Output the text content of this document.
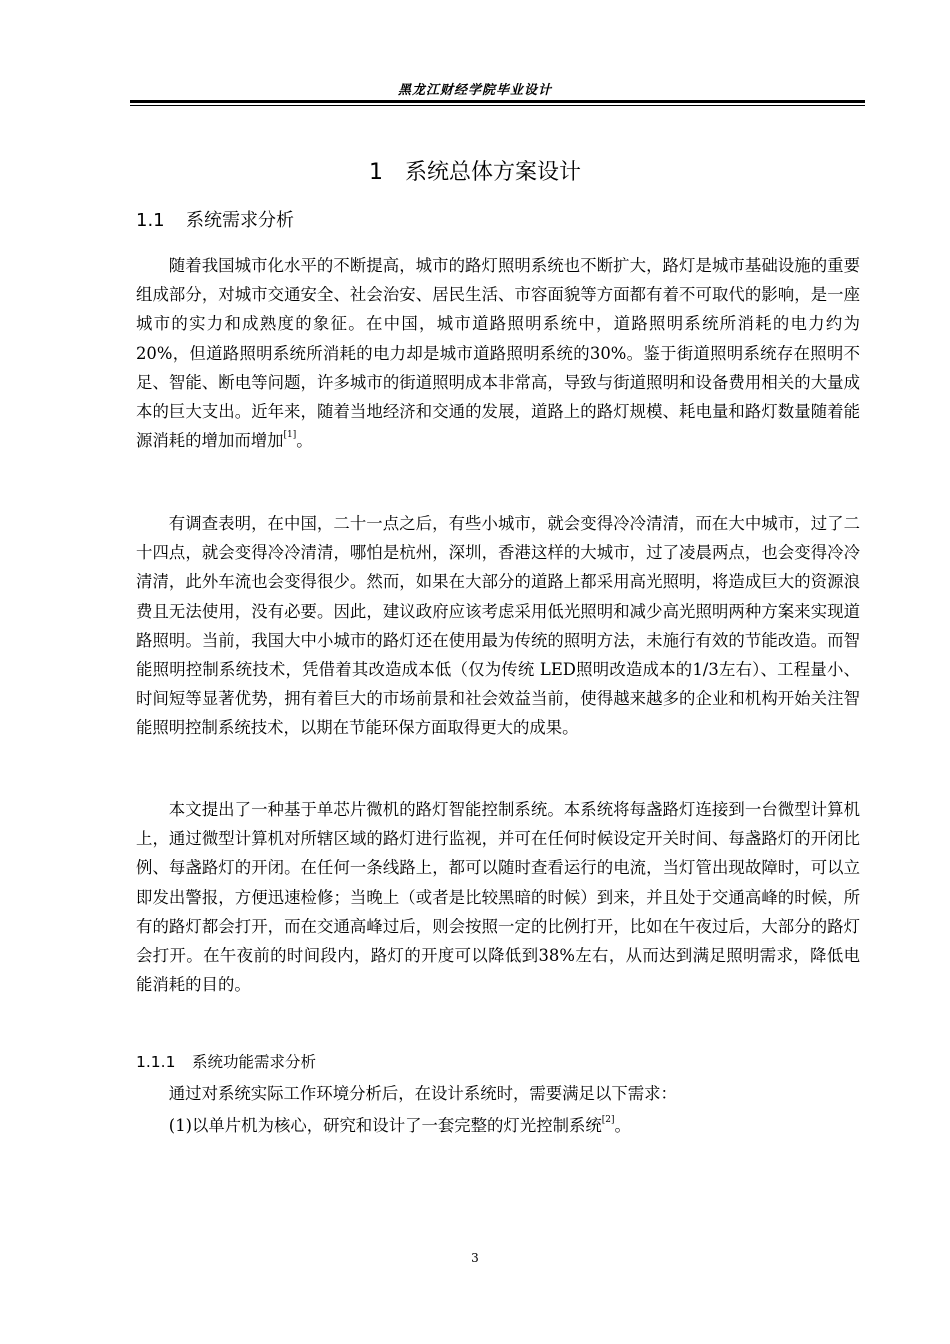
黑龙江财经学院毕业设计
1 系统总体方案设计
1.1 系统需求分析

随着我国城市化水平的不断提高，城市的路灯照明系统也不断扩大，路灯是城市基础设施的重要组成部分，对城市交通安全、社会治安、居民生活、市容面貌等方面都有着不可取代的影响，是一座城市的实力和成熟度的象征。在中国，城市道路照明系统中，道路照明系统所消耗的电力约为20%，但道路照明系统所消耗的电力却是城市道路照明系统的30%。鉴于街道照明系统存在照明不足、智能、断电等问题，许多城市的街道照明成本非常高，导致与街道照明和设备费用相关的大量成本的巨大支出。近年来，随着当地经济和交通的发展，道路上的路灯规模、耗电量和路灯数量随着能源消耗的增加而增加[1]。

有调查表明，在中国，二十一点之后，有些小城市，就会变得冷冷清清，而在大中城市，过了二十四点，就会变得冷冷清清，哪怕是杭州，深圳，香港这样的大城市，过了凌晨两点，也会变得冷冷清清，此外车流也会变得很少。然而，如果在大部分的道路上都采用高光照明，将造成巨大的资源浪费且无法使用，没有必要。因此，建议政府应该考虑采用低光照明和减少高光照明两种方案来实现道路照明。当前，我国大中小城市的路灯还在使用最为传统的照明方法，未施行有效的节能改造。而智能照明控制系统技术，凭借着其改造成本低（仅为传统 LED照明改造成本的1/3左右）、工程量小、时间短等显著优势，拥有着巨大的市场前景和社会效益当前，使得越来越多的企业和机构开始关注智能照明控制系统技术，以期在节能环保方面取得更大的成果。

本文提出了一种基于单芯片微机的路灯智能控制系统。本系统将每盏路灯连接到一台微型计算机上，通过微型计算机对所辖区域的路灯进行监视，并可在任何时候设定开关时间、每盏路灯的开闭比例、每盏路灯的开闭。在任何一条线路上，都可以随时查看运行的电流，当灯管出现故障时，可以立即发出警报，方便迅速检修；当晚上（或者是比较黑暗的时候）到来，并且处于交通高峰的时候，所有的路灯都会打开，而在交通高峰过后，则会按照一定的比例打开，比如在午夜过后，大部分的路灯会打开。在午夜前的时间段内，路灯的开度可以降低到38%左右，从而达到满足照明需求，降低电能消耗的目的。

1.1.1 系统功能需求分析

通过对系统实际工作环境分析后，在设计系统时，需要满足以下需求：

(1)以单片机为核心，研究和设计了一套完整的灯光控制系统[2]。

3
